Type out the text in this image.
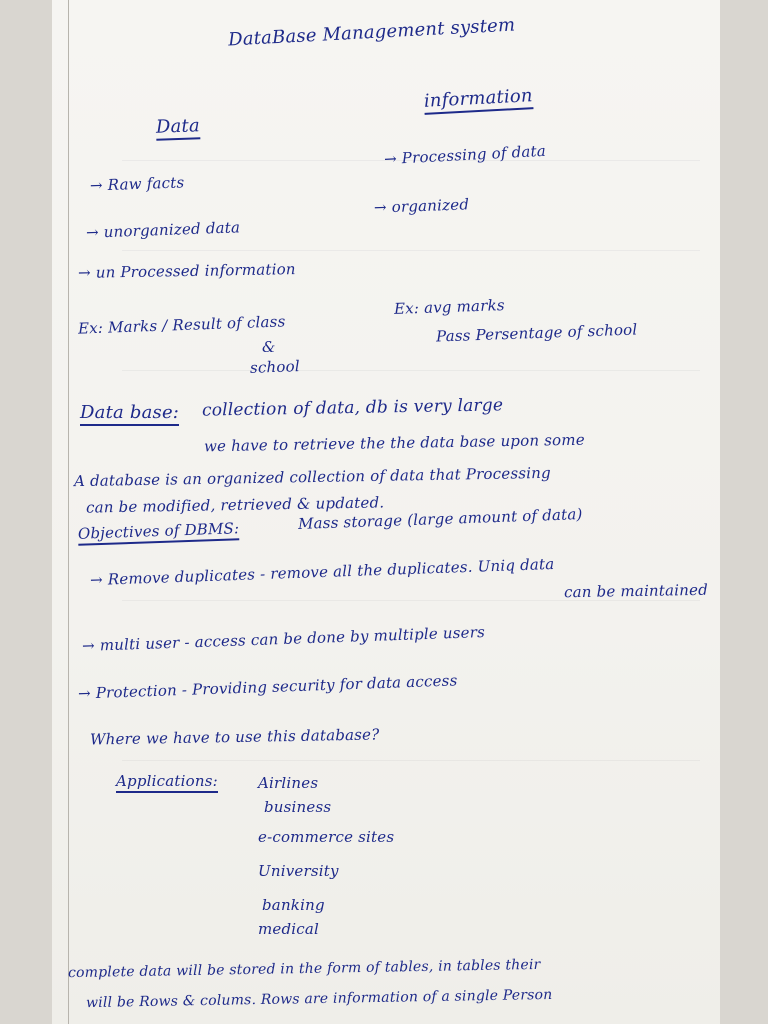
DataBase Management system
Data
→ Raw facts
→ unorganized data
→ un Processed information
Ex: Marks / Result of class
&
school
information
→ Processing of data
→ organized
Ex: avg marks
Pass Persentage of school
Data base: collection of data, db is very large
we have to retrieve the the data base upon some
A database is an organized collection of data that Processing
can be modified, retrieved & updated.
Objectives of DBMS:	Mass storage (large amount of data)
→ Remove duplicates - remove all the duplicates. Uniq data
can be maintained
→ multi user - access can be done by multiple users
→ Protection - Providing security for data access
Where we have to use this database?
Applications:	Airlines
business
e-commerce sites
University
banking
medical
complete data will be stored in the form of tables, in tables their
will be Rows & colums. Rows are information of a single Person
